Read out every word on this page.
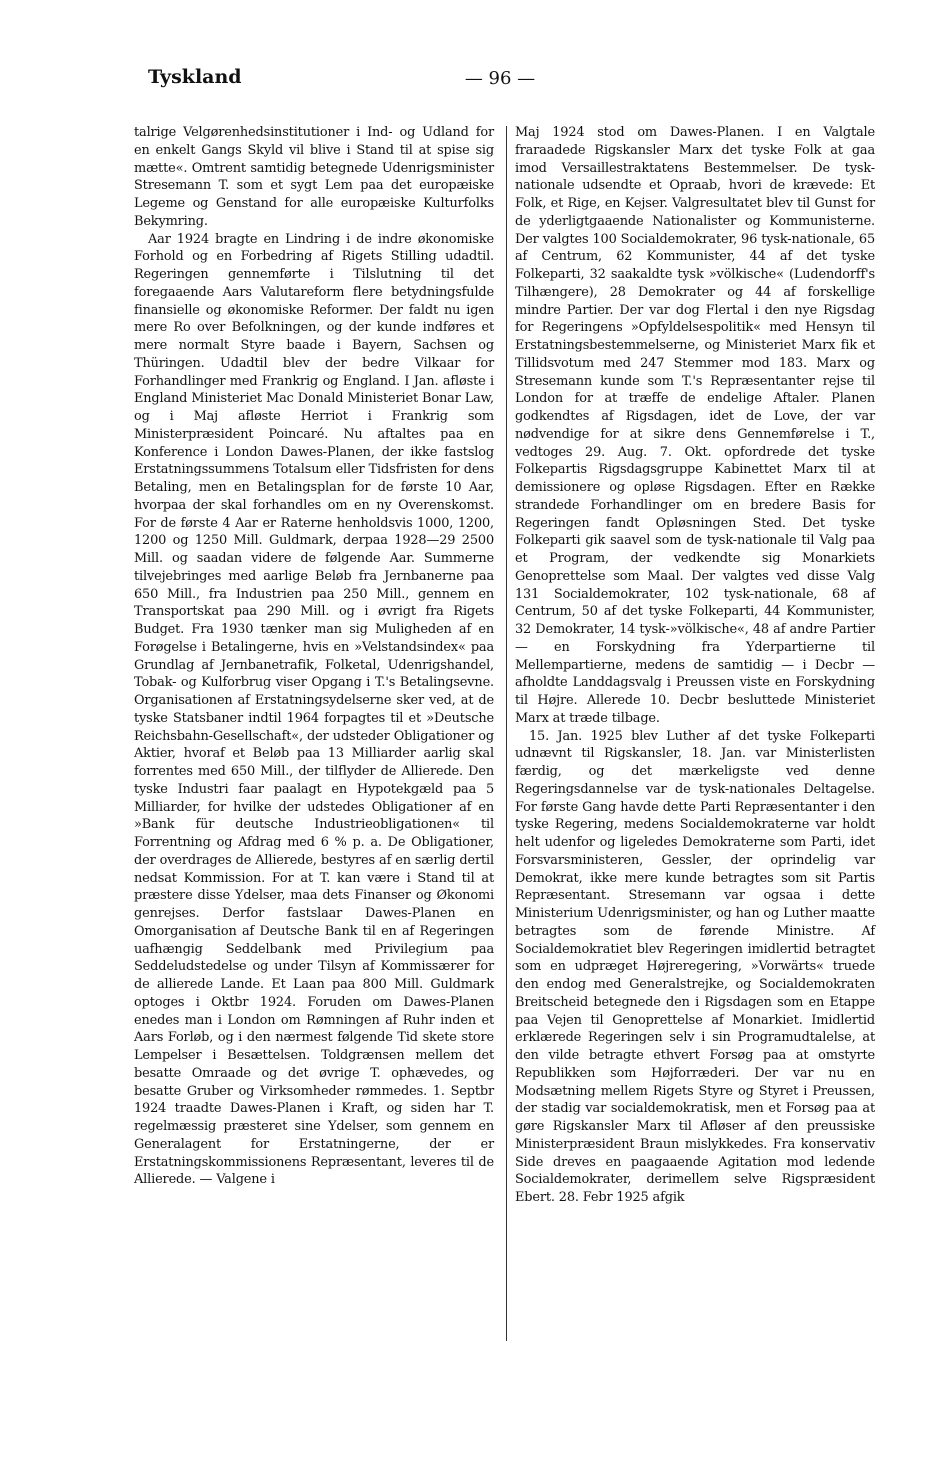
Tyskland	— 96 —

talrige Velgørenhedsinstitutioner i Ind- og Udland for en enkelt Gangs Skyld vil blive i Stand til at spise sig mætte«. Omtrent samtidig betegnede Udenrigsminister Stresemann T. som et sygt Lem paa det europæiske Legeme og Genstand for alle europæiske Kulturfolks Bekymring.

Aar 1924 bragte en Lindring i de indre økonomiske Forhold og en Forbedring af Rigets Stilling udadtil. Regeringen gennemførte i Tilslutning til det foregaaende Aars Valutareform flere betydningsfulde finansielle og økonomiske Reformer. Der faldt nu igen mere Ro over Befolkningen, og der kunde indføres et mere normalt Styre baade i Bayern, Sachsen og Thüringen. Udadtil blev der bedre Vilkaar for Forhandlinger med Frankrig og England. I Jan. afløste i England Ministeriet Mac Donald Ministeriet Bonar Law, og i Maj afløste Herriot i Frankrig som Ministerpræsident Poincaré. Nu aftaltes paa en Konference i London Dawes-Planen, der ikke fastslog Erstatningssummens Totalsum eller Tidsfristen for dens Betaling, men en Betalingsplan for de første 10 Aar, hvorpaa der skal forhandles om en ny Overenskomst. For de første 4 Aar er Raterne henholdsvis 1000, 1200, 1200 og 1250 Mill. Guldmark, derpaa 1928—29 2500 Mill. og saadan videre de følgende Aar. Summerne tilvejebringes med aarlige Beløb fra Jernbanerne paa 650 Mill., fra Industrien paa 250 Mill., gennem en Transportskat paa 290 Mill. og i øvrigt fra Rigets Budget. Fra 1930 tænker man sig Muligheden af en Forøgelse i Betalingerne, hvis en »Velstandsindex« paa Grundlag af Jernbanetrafik, Folketal, Udenrigshandel, Tobak- og Kulforbrug viser Opgang i T.'s Betalingsevne. Organisationen af Erstatningsydelserne sker ved, at de tyske Statsbaner indtil 1964 forpagtes til et »Deutsche Reichsbahn-Gesellschaft«, der udsteder Obligationer og Aktier, hvoraf et Beløb paa 13 Milliarder aarlig skal forrentes med 650 Mill., der tilflyder de Allierede. Den tyske Industri faar paalagt en Hypotekgæld paa 5 Milliarder, for hvilke der udstedes Obligationer af en »Bank für deutsche Industrieobligationen« til Forrentning og Afdrag med 6 % p. a. De Obligationer, der overdrages de Allierede, bestyres af en særlig dertil nedsat Kommission. For at T. kan være i Stand til at præstere disse Ydelser, maa dets Finanser og Økonomi genrejses. Derfor fastslaar Dawes-Planen en Omorganisation af Deutsche Bank til en af Regeringen uafhængig Seddelbank med Privilegium paa Seddeludstedelse og under Tilsyn af Kommissærer for de allierede Lande. Et Laan paa 800 Mill. Guldmark optoges i Oktbr 1924. Foruden om Dawes-Planen enedes man i London om Rømningen af Ruhr inden et Aars Forløb, og i den nærmest følgende Tid skete store Lempelser i Besættelsen. Toldgrænsen mellem det besatte Omraade og det øvrige T. ophævedes, og besatte Gruber og Virksomheder rømmedes. 1. Septbr 1924 traadte Dawes-Planen i Kraft, og siden har T. regelmæssig præsteret sine Ydelser, som gennem en Generalagent for Erstatningerne, der er Erstatningskommissionens Repræsentant, leveres til de Allierede. — Valgene i

Maj 1924 stod om Dawes-Planen. I en Valgtale fraraadede Rigskansler Marx det tyske Folk at gaa imod Versaillestraktatens Bestemmelser. De tysk-nationale udsendte et Opraab, hvori de krævede: Et Folk, et Rige, en Kejser. Valgresultatet blev til Gunst for de yderligtgaaende Nationalister og Kommunisterne. Der valgtes 100 Socialdemokrater, 96 tysk-nationale, 65 af Centrum, 62 Kommunister, 44 af det tyske Folkeparti, 32 saakaldte tysk »völkische« (Ludendorff's Tilhængere), 28 Demokrater og 44 af forskellige mindre Partier. Der var dog Flertal i den nye Rigsdag for Regeringens »Opfyldelsespolitik« med Hensyn til Erstatningsbestemmelserne, og Ministeriet Marx fik et Tillidsvotum med 247 Stemmer mod 183. Marx og Stresemann kunde som T.'s Repræsentanter rejse til London for at træffe de endelige Aftaler. Planen godkendtes af Rigsdagen, idet de Love, der var nødvendige for at sikre dens Gennemførelse i T., vedtoges 29. Aug. 7. Okt. opfordrede det tyske Folkepartis Rigsdagsgruppe Kabinettet Marx til at demissionere og opløse Rigsdagen. Efter en Række strandede Forhandlinger om en bredere Basis for Regeringen fandt Opløsningen Sted. Det tyske Folkeparti gik saavel som de tysk-nationale til Valg paa et Program, der vedkendte sig Monarkiets Genoprettelse som Maal. Der valgtes ved disse Valg 131 Socialdemokrater, 102 tysk-nationale, 68 af Centrum, 50 af det tyske Folkeparti, 44 Kommunister, 32 Demokrater, 14 tysk-»völkische«, 48 af andre Partier — en Forskydning fra Yderpartierne til Mellempartierne, medens de samtidig — i Decbr — afholdte Landdagsvalg i Preussen viste en Forskydning til Højre. Allerede 10. Decbr besluttede Ministeriet Marx at træde tilbage.

15. Jan. 1925 blev Luther af det tyske Folkeparti udnævnt til Rigskansler, 18. Jan. var Ministerlisten færdig, og det mærkeligste ved denne Regeringsdannelse var de tysk-nationales Deltagelse. For første Gang havde dette Parti Repræsentanter i den tyske Regering, medens Socialdemokraterne var holdt helt udenfor og ligeledes Demokraterne som Parti, idet Forsvarsministeren, Gessler, der oprindelig var Demokrat, ikke mere kunde betragtes som sit Partis Repræsentant. Stresemann var ogsaa i dette Ministerium Udenrigsminister, og han og Luther maatte betragtes som de førende Ministre. Af Socialdemokratiet blev Regeringen imidlertid betragtet som en udpræget Højreregering, »Vorwärts« truede den endog med Generalstrejke, og Socialdemokraten Breitscheid betegnede den i Rigsdagen som en Etappe paa Vejen til Genoprettelse af Monarkiet. Imidlertid erklærede Regeringen selv i sin Programudtalelse, at den vilde betragte ethvert Forsøg paa at omstyrte Republikken som Højforræderi. Der var nu en Modsætning mellem Rigets Styre og Styret i Preussen, der stadig var socialdemokratisk, men et Forsøg paa at gøre Rigskansler Marx til Afløser af den preussiske Ministerpræsident Braun mislykkedes. Fra konservativ Side dreves en paagaaende Agitation mod ledende Socialdemokrater, derimellem selve Rigspræsident Ebert. 28. Febr 1925 afgik
